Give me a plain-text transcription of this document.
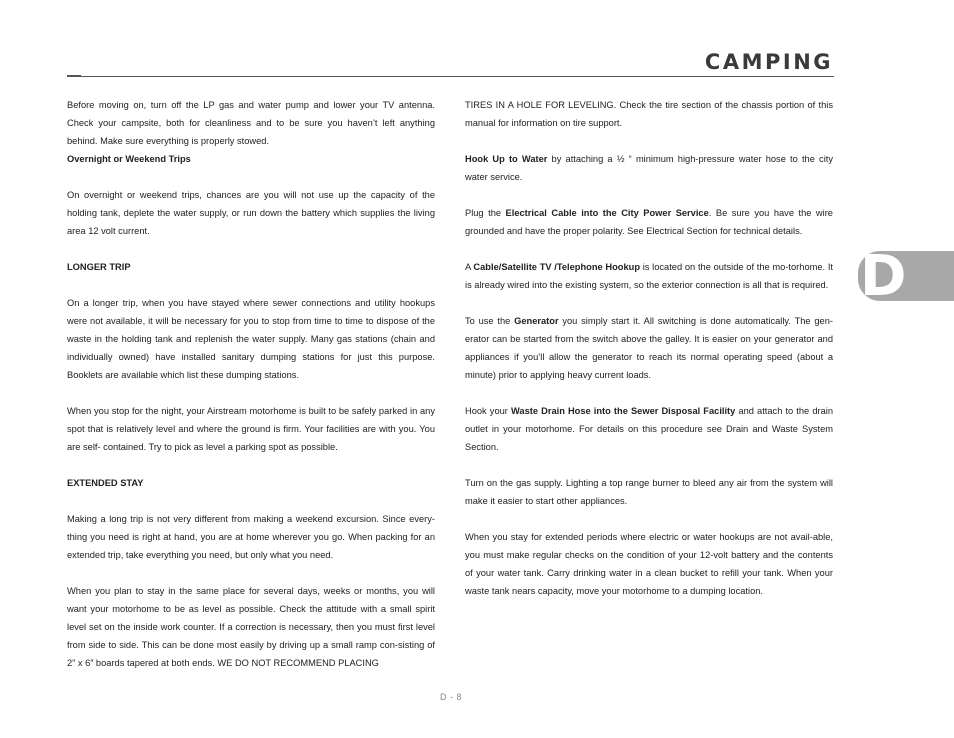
CAMPING

Before moving on, turn off the LP gas and water pump and lower your TV antenna. Check your campsite, both for cleanliness and to be sure you haven’t left anything behind. Make sure everything is properly stowed.

Overnight or Weekend Trips

On overnight or weekend trips, chances are you will not use up the capacity of the holding tank, deplete the water supply, or run down the battery which supplies the living area 12 volt current.

LONGER TRIP

On a longer trip, when you have stayed where sewer connections and utility hookups were not available, it will be necessary for you to stop from time to time to dispose of the waste in the holding tank and replenish the water supply. Many gas stations (chain and individually owned) have installed sanitary dumping stations for just this purpose. Booklets are available which list these dumping stations.

When you stop for the night, your Airstream motorhome is built to be safely parked in any spot that is relatively level and where the ground is firm. Your facilities are with you. You are self- contained. Try to pick as level a parking spot as possible.

EXTENDED STAY

Making a long trip is not very different from making a weekend excursion. Since every-thing you need is right at hand, you are at home wherever you go. When packing for an extended trip, take everything you need, but only what you need.

When you plan to stay in the same place for several days, weeks or months, you will want your motorhome to be as level as possible. Check the attitude with a small spirit level set on the inside work counter. If a correction is necessary, then you must first level from side to side. This can be done most easily by driving up a small ramp con-sisting of 2” x 6” boards tapered at both ends. WE DO NOT RECOMMEND PLACING

TIRES IN A HOLE FOR LEVELING. Check the tire section of the chassis portion of this manual for information on tire support.

Hook Up to Water by attaching a ½ “ minimum high-pressure water hose to the city water service.

Plug the Electrical Cable into the City Power Service. Be sure you have the wire grounded and have the proper polarity. See Electrical Section for technical details.

A Cable/Satellite TV /Telephone Hookup is located on the outside of the mo-torhome. It is already wired into the existing system, so the exterior connection is all that is required.

To use the Generator you simply start it. All switching is done automatically. The gen-erator can be started from the switch above the galley. It is easier on your generator and appliances if you’ll allow the generator to reach its normal operating speed (about a minute) prior to applying heavy current loads.

Hook your Waste Drain Hose into the Sewer Disposal Facility and attach to the drain outlet in your motorhome. For details on this procedure see Drain and Waste System Section.

Turn on the gas supply. Lighting a top range burner to bleed any air from the system will make it easier to start other appliances.

When you stay for extended periods where electric or water hookups are not avail-able, you must make regular checks on the condition of your 12-volt battery and the contents of your water tank. Carry drinking water in a clean bucket to refill your tank. When your waste tank nears capacity, move your motorhome to a dumping location.

D
D - 8
